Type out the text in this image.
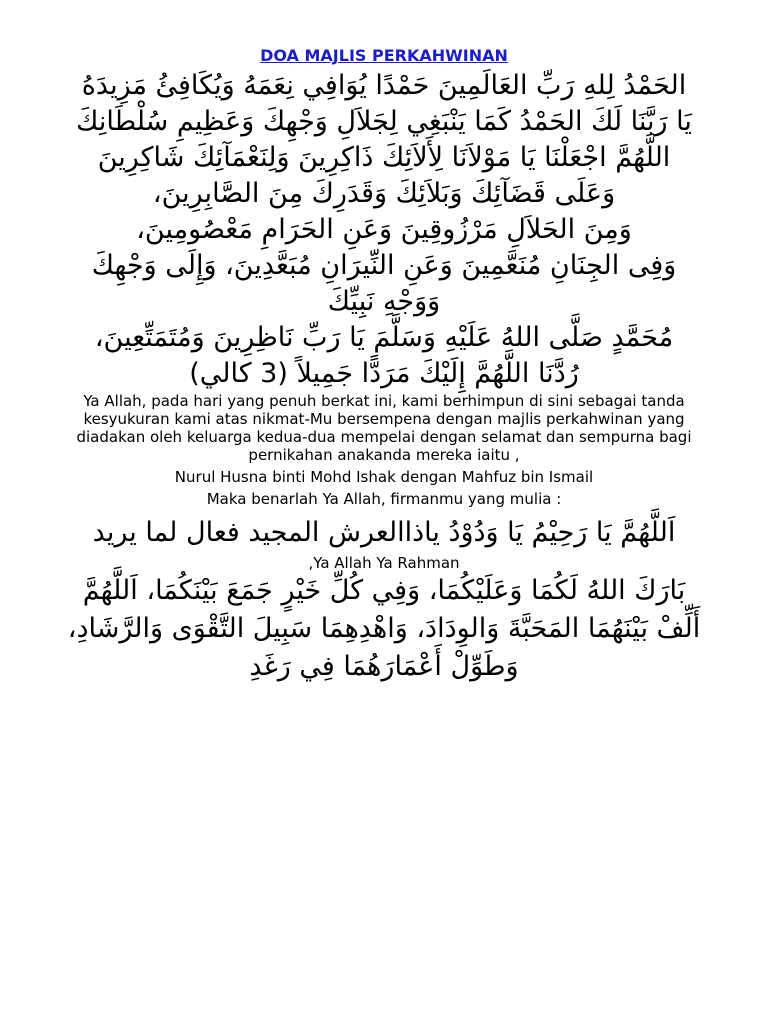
DOA MAJLIS PERKAHWINAN

الحَمْدُ لِلهِ رَبِّ العَالَمِينَ حَمْدًا يُوَافِي نِعَمَهُ وَيُكَافِئُ مَزِيدَهُ

يَا رَبَّنَا لَكَ الحَمْدُ كَمَا يَنْبَغِي لِجَلاَلِ وَجْهِكَ وَعَظِيمِ سُلْطَانِكَ

اللَّهُمَّ اجْعَلْنَا يَا مَوْلاَنَا لِأَلاَئِكَ ذَاكِرِينَ وَلِنَعْمَآئِكَ شَاكِرِينَ

وَعَلَى قَضَآئِكَ وَبَلاَئِكَ وَقَدَرِكَ مِنَ الصَّابِرِينَ،

وَمِنَ الحَلاَلِ مَرْزُوقِينَ وَعَنِ الحَرَامِ مَعْصُومِينَ،

وَفِى الجِنَانِ مُنَعَّمِينَ وَعَنِ النِّيرَانِ مُبَعَّدِينَ، وَإِلَى وَجْهِكَ وَوَجْهِ نَبِيِّكَ

مُحَمَّدٍ صَلَّى اللهُ عَلَيْهِ وَسَلَّمَ يَا رَبِّ نَاظِرِينَ وَمُتَمَتِّعِينَ،

رُدَّنَا اللَّهُمَّ إِلَيْكَ مَرَدًّا جَمِيلاً (3 كالي)

Ya Allah, pada hari yang penuh berkat ini, kami berhimpun di sini sebagai tanda kesyukuran kami atas nikmat-Mu bersempena dengan majlis perkahwinan yang diadakan oleh keluarga kedua-dua mempelai dengan selamat dan sempurna bagi pernikahan anakanda mereka iaitu ,

Nurul Husna binti Mohd Ishak dengan Mahfuz bin Ismail

Maka benarlah Ya Allah, firmanmu yang mulia :

اَللَّهُمَّ يَا رَحِيْمُ يَا وَدُوْدُ ياذاالعرش المجيد فعال لما يريد

,Ya Allah Ya Rahman

بَارَكَ اللهُ لَكُمَا وَعَلَيْكُمَا، وَفِي كُلِّ خَيْرٍ جَمَعَ بَيْنَكُمَا، اَللَّهُمَّ أَلِّفْ بَيْنَهُمَا المَحَبَّةَ وَالوِدَادَ، وَاهْدِهِمَا سَبِيلَ التَّقْوَى وَالرَّشَادِ، وَطَوِّلْ أَعْمَارَهُمَا فِي رَغَدِ
